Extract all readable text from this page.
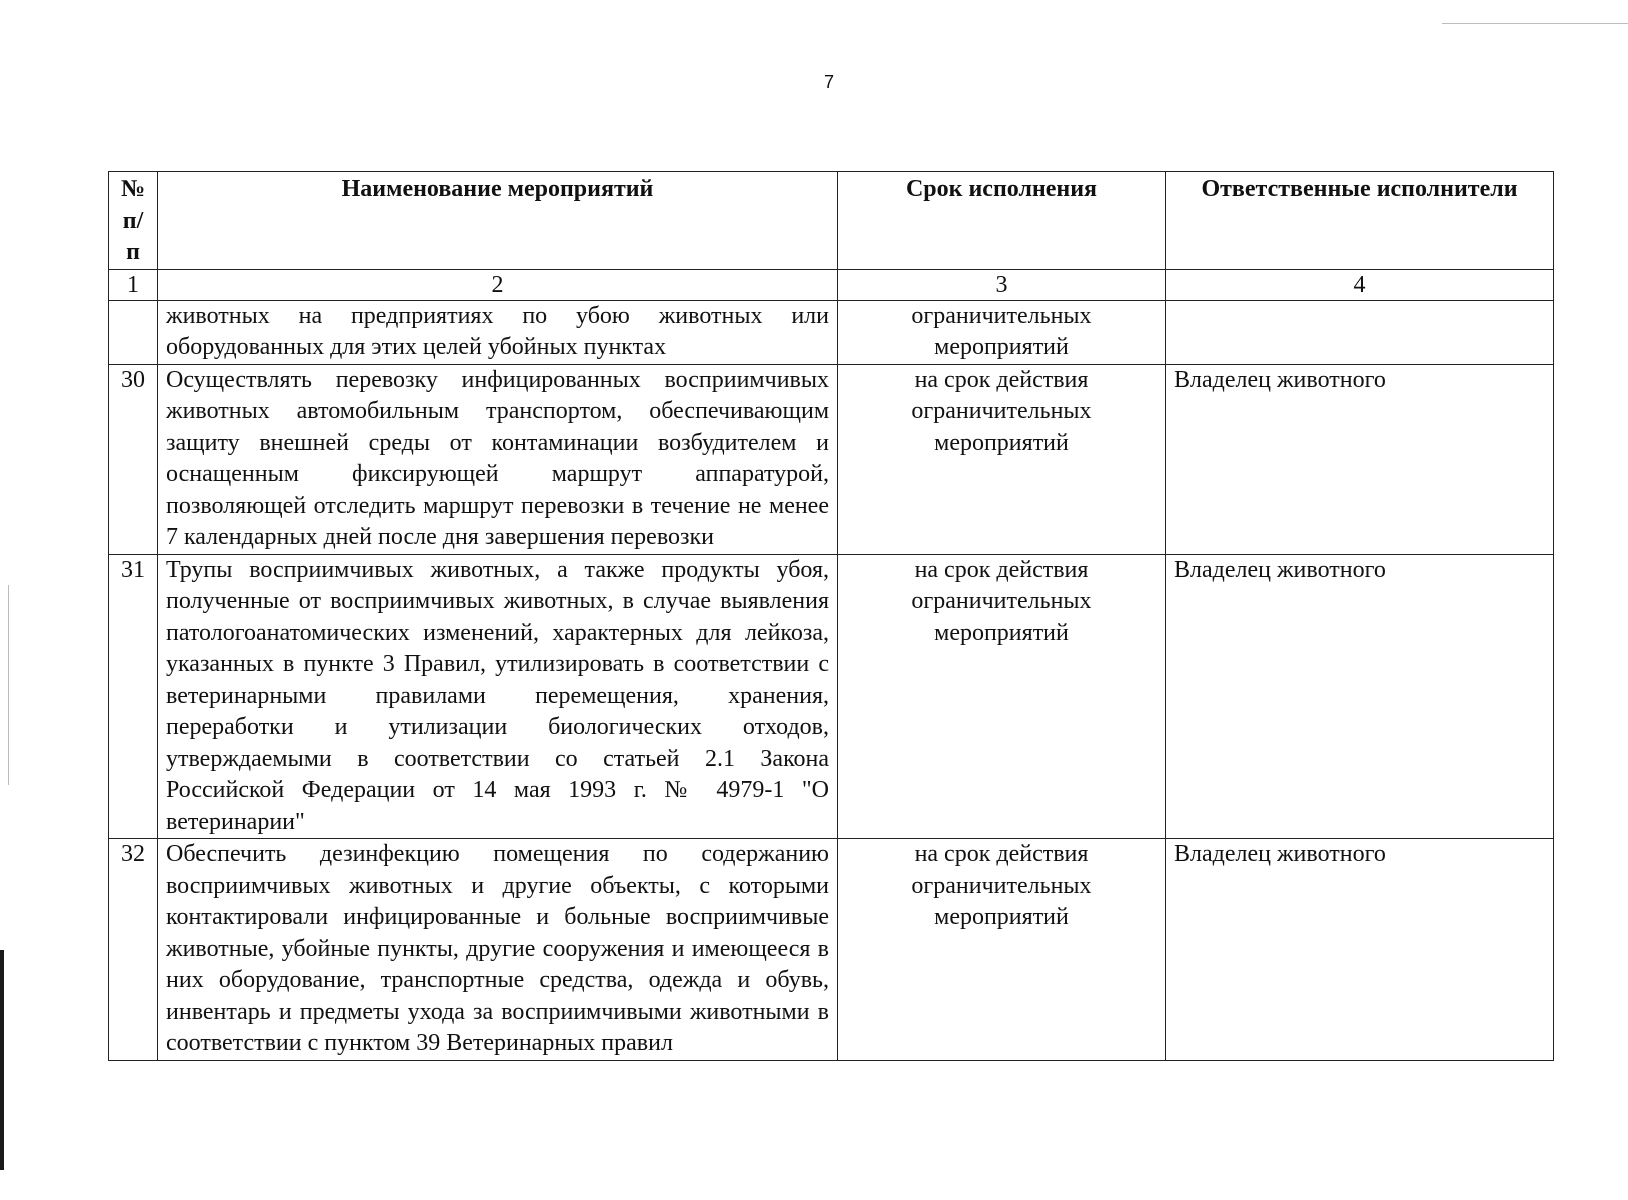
7
№ п/п	Наименование мероприятий	Срок исполнения	Ответственные исполнители
1	2	3	4
	животных на предприятиях по убою животных или оборудованных для этих целей убойных пунктах	ограничительных мероприятий	
30	Осуществлять перевозку инфицированных восприимчивых животных автомобильным транспортом, обеспечивающим защиту внешней среды от контаминации возбудителем и оснащенным фиксирующей маршрут аппаратурой, позволяющей отследить маршрут перевозки в течение не менее 7 календарных дней после дня завершения перевозки	на срок действия ограничительных мероприятий	Владелец животного
31	Трупы восприимчивых животных, а также продукты убоя, полученные от восприимчивых животных, в случае выявления патологоанатомических изменений, характерных для лейкоза, указанных в пункте 3 Правил, утилизировать в соответствии с ветеринарными правилами перемещения, хранения, переработки и утилизации биологических отходов, утверждаемыми в соответствии со статьей 2.1 Закона Российской Федерации от 14 мая 1993 г. № 4979-1 "О ветеринарии"	на срок действия ограничительных мероприятий	Владелец животного
32	Обеспечить дезинфекцию помещения по содержанию восприимчивых животных и другие объекты, с которыми контактировали инфицированные и больные восприимчивые животные, убойные пункты, другие сооружения и имеющееся в них оборудование, транспортные средства, одежда и обувь, инвентарь и предметы ухода за восприимчивыми животными в соответствии с пунктом 39 Ветеринарных правил	на срок действия ограничительных мероприятий	Владелец животного
